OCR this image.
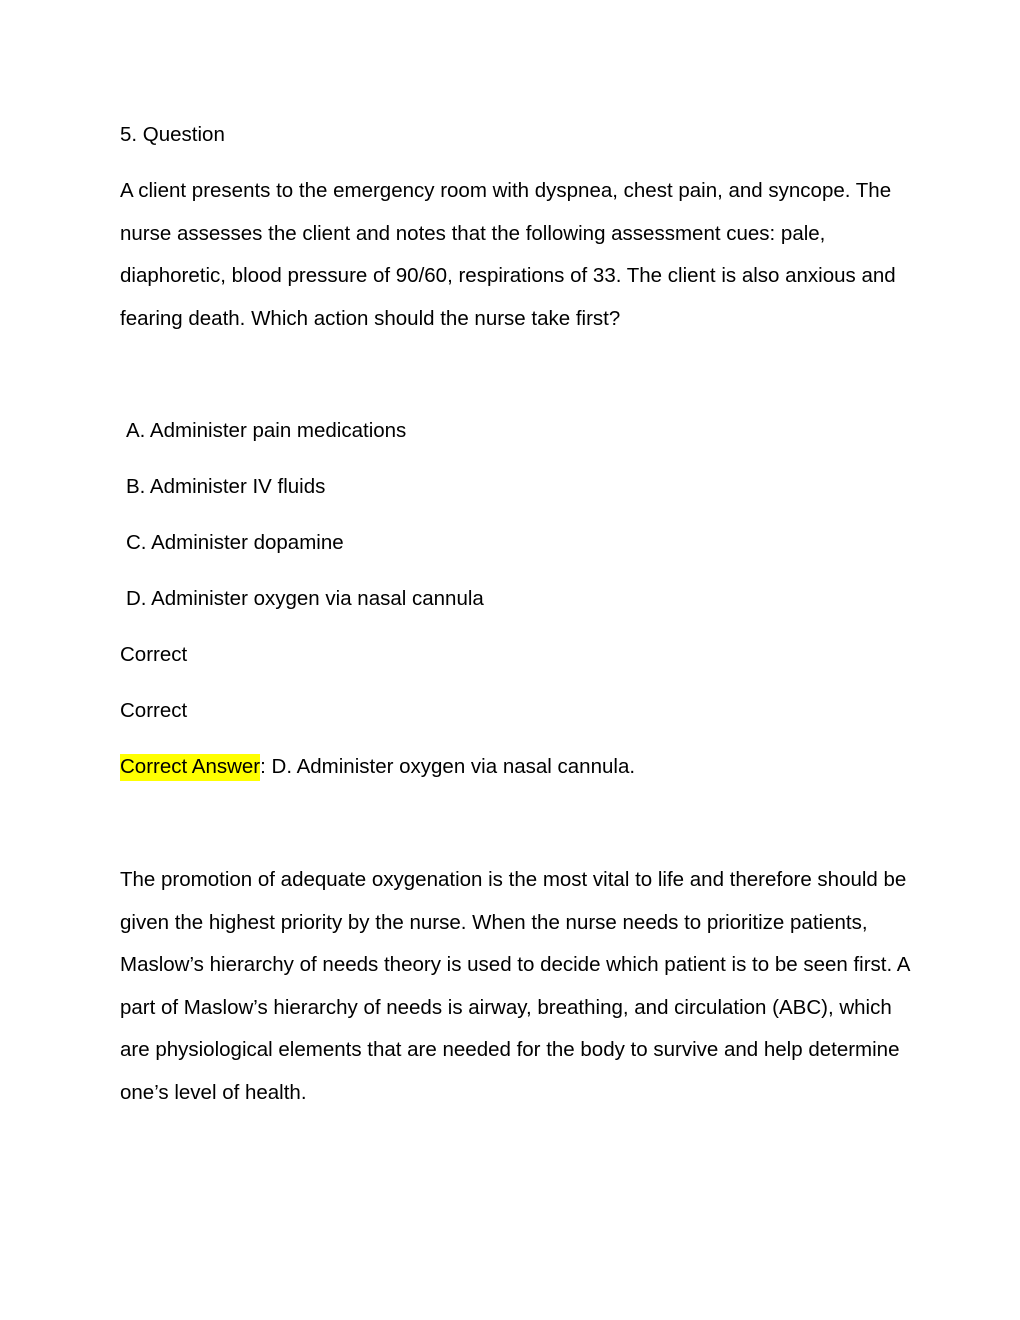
5. Question

A client presents to the emergency room with dyspnea, chest pain, and syncope. The nurse assesses the client and notes that the following assessment cues: pale, diaphoretic, blood pressure of 90/60, respirations of 33. The client is also anxious and fearing death. Which action should the nurse take first?

A. Administer pain medications

B. Administer IV fluids

C. Administer dopamine

D. Administer oxygen via nasal cannula

Correct

Correct

Correct Answer: D. Administer oxygen via nasal cannula.

The promotion of adequate oxygenation is the most vital to life and therefore should be given the highest priority by the nurse. When the nurse needs to prioritize patients, Maslow’s hierarchy of needs theory is used to decide which patient is to be seen first. A part of Maslow’s hierarchy of needs is airway, breathing, and circulation (ABC), which are physiological elements that are needed for the body to survive and help determine one’s level of health.
